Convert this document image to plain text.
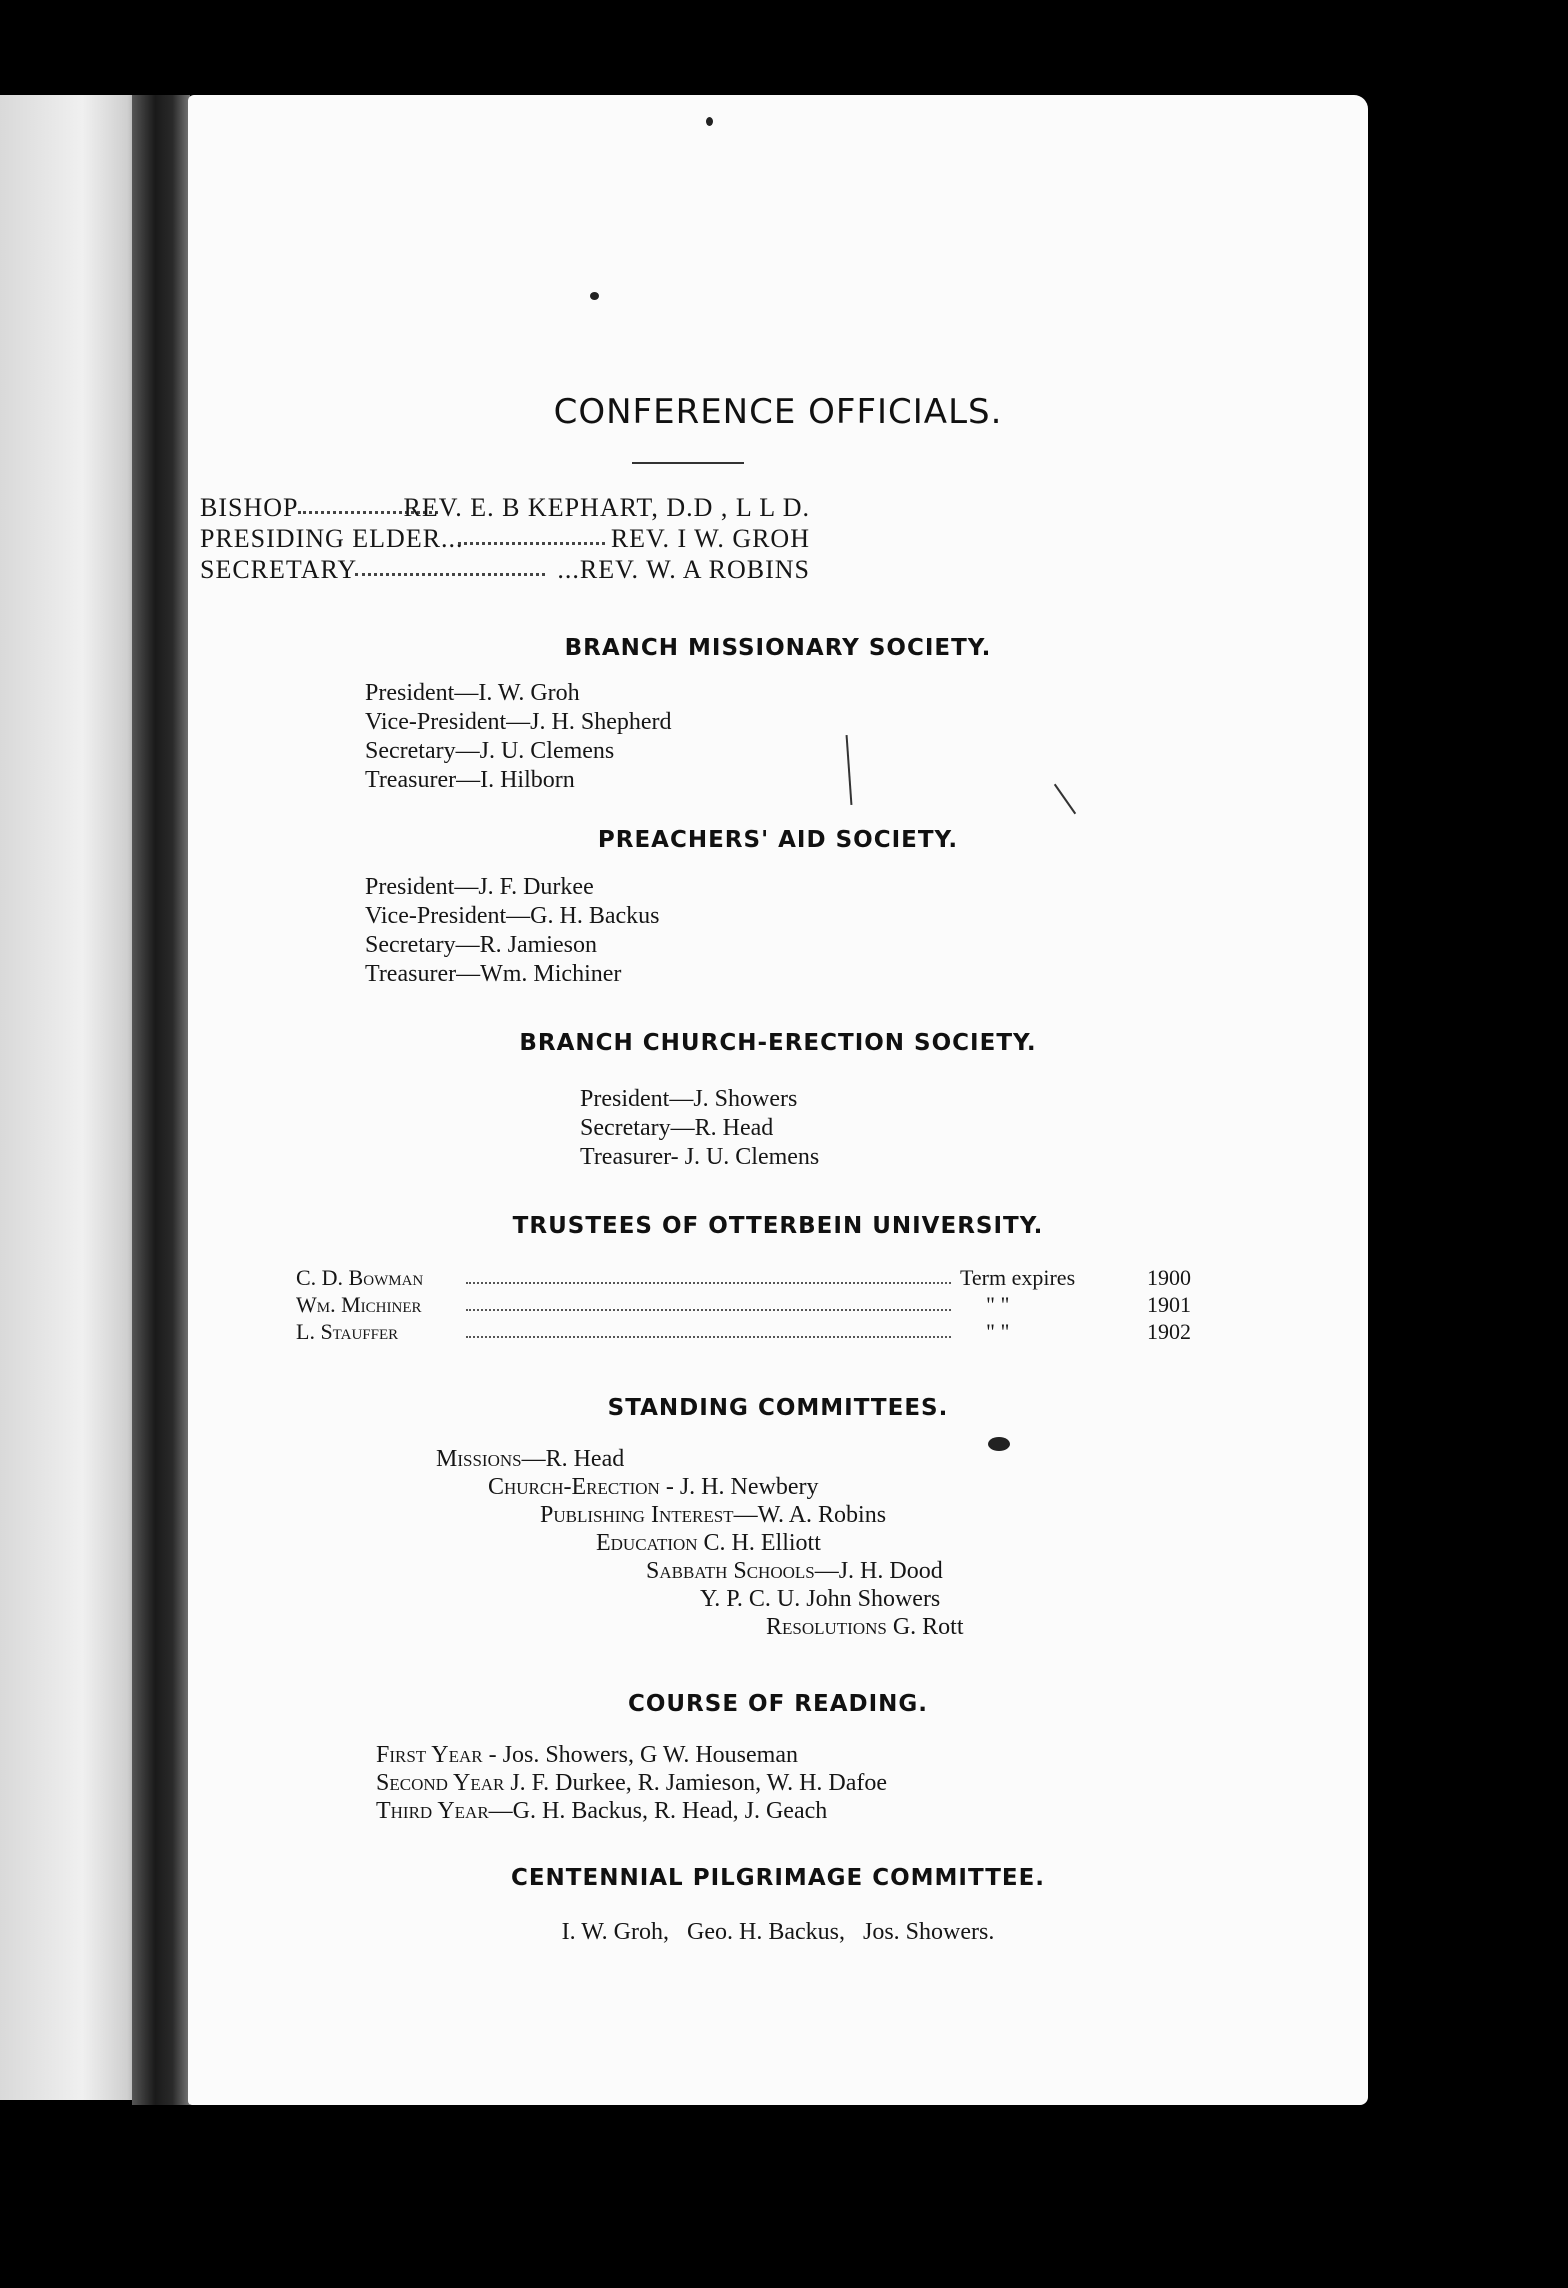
CONFERENCE OFFICIALS.
BISHOP	REV. E. B KEPHART, D.D , L L D.
PRESIDING ELDER...	REV. I W. GROH
SECRETARY	...REV. W. A ROBINS
BRANCH MISSIONARY SOCIETY.
President—I. W. Groh
Vice-President—J. H. Shepherd
Secretary—J. U. Clemens
Treasurer—I. Hilborn
PREACHERS' AID SOCIETY.
President—J. F. Durkee
Vice-President—G. H. Backus
Secretary—R. Jamieson
Treasurer—Wm. Michiner
BRANCH CHURCH-ERECTION SOCIETY.
President—J. Showers
Secretary—R. Head
Treasurer- J. U. Clemens
TRUSTEES OF OTTERBEIN UNIVERSITY.
C. D. Bowman	Term expires	1900
Wm. Michiner	" "	1901
L. Stauffer	" "	1902
STANDING COMMITTEES.
Missions—R. Head
Church-Erection - J. H. Newbery
Publishing Interest—W. A. Robins
Education C. H. Elliott
Sabbath Schools—J. H. Dood
Y. P. C. U. John Showers
Resolutions G. Rott
COURSE OF READING.
First Year - Jos. Showers, G W. Houseman
Second Year J. F. Durkee, R. Jamieson, W. H. Dafoe
Third Year—G. H. Backus, R. Head, J. Geach
CENTENNIAL PILGRIMAGE COMMITTEE.
I. W. Groh,   Geo. H. Backus,   Jos. Showers.
